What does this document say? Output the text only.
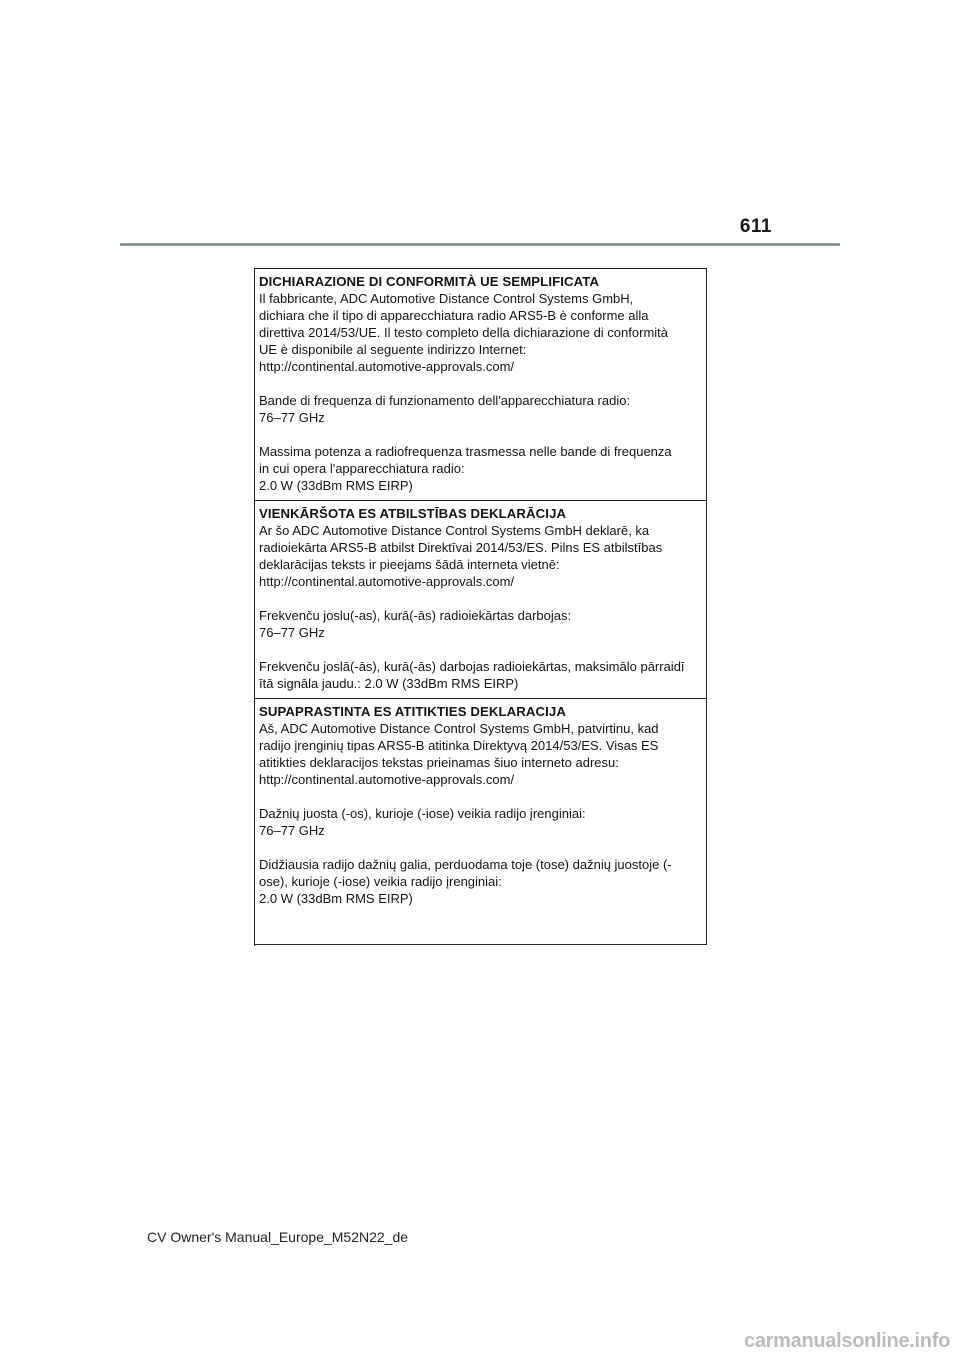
611
DICHIARAZIONE DI CONFORMITÀ UE SEMPLIFICATA

Il fabbricante, ADC Automotive Distance Control Systems GmbH,

dichiara che il tipo di apparecchiatura radio ARS5-B è conforme alla

direttiva 2014/53/UE. Il testo completo della dichiarazione di conformità

UE è disponibile al seguente indirizzo Internet:

http://continental.automotive-approvals.com/

Bande di frequenza di funzionamento dell'apparecchiatura radio:

76–77 GHz

Massima potenza a radiofrequenza trasmessa nelle bande di frequenza

in cui opera l'apparecchiatura radio:

2.0 W (33dBm RMS EIRP)

VIENKĀRŠOTA ES ATBILSTĪBAS DEKLARĀCIJA

Ar šo ADC Automotive Distance Control Systems GmbH deklarē, ka

radioiekārta ARS5-B atbilst Direktīvai 2014/53/ES. Pilns ES atbilstības

deklarācijas teksts ir pieejams šādā interneta vietnē:

http://continental.automotive-approvals.com/

Frekvenču joslu(-as), kurā(-ās) radioiekārtas darbojas:

76–77 GHz

Frekvenču joslā(-ās), kurā(-ās) darbojas radioiekārtas, maksimālo pārraidī

ītā signāla jaudu.: 2.0 W (33dBm RMS EIRP)

SUPAPRASTINTA ES ATITIKTIES DEKLARACIJA

Aš, ADC Automotive Distance Control Systems GmbH, patvirtinu, kad

radijo įrenginių tipas ARS5-B atitinka Direktyvą 2014/53/ES. Visas ES

atitikties deklaracijos tekstas prieinamas šiuo interneto adresu:

http://continental.automotive-approvals.com/

Dažnių juosta (-os), kurioje (-iose) veikia radijo įrenginiai:

76–77 GHz

Didžiausia radijo dažnių galia, perduodama toje (tose) dažnių juostoje (-

ose), kurioje (-iose) veikia radijo įrenginiai:

2.0 W (33dBm RMS EIRP)

CV Owner's Manual_Europe_M52N22_de
carmanualsonline.info
